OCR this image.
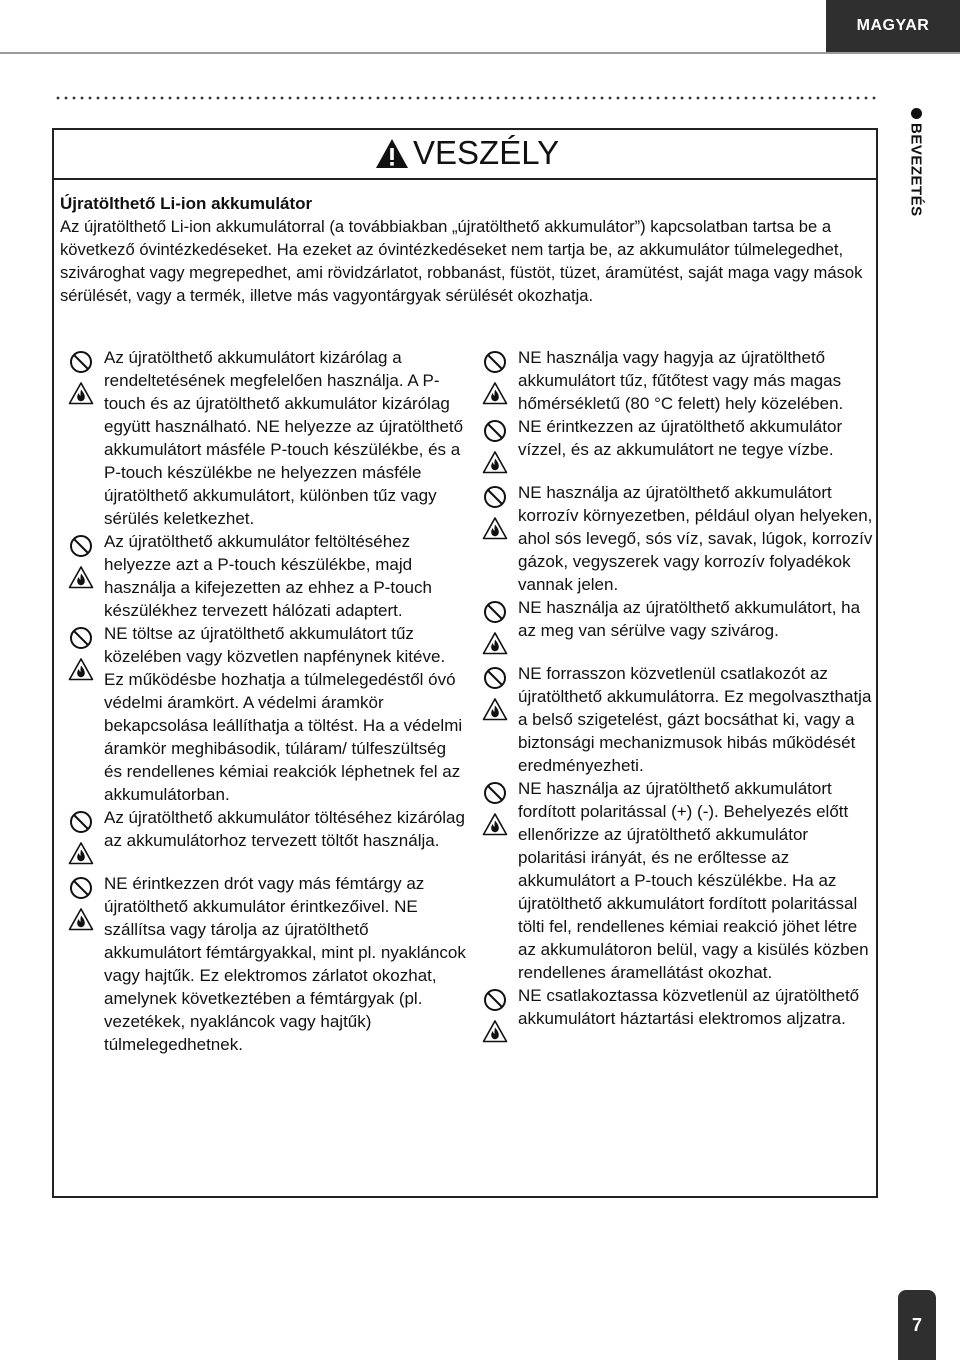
MAGYAR
BEVEZETÉS
VESZÉLY
Újratölthető Li-ion akkumulátor
Az újratölthető Li-ion akkumulátorral (a továbbiakban „újratölthető akkumulátor”) kapcsolatban tartsa be a következő óvintézkedéseket. Ha ezeket az óvintézkedéseket nem tartja be, az akkumulátor túlmelegedhet, szivároghat vagy megrepedhet, ami rövidzárlatot, robbanást, füstöt, tüzet, áramütést, saját maga vagy mások sérülését, vagy a termék, illetve más vagyontárgyak sérülését okozhatja.
Az újratölthető akkumulátort kizárólag a rendeltetésének megfelelően használja. A P-touch és az újratölthető akkumulátor kizárólag együtt használható. NE helyezze az újratölthető akkumulátort másféle P-touch készülékbe, és a P-touch készülékbe ne helyezzen másféle újratölthető akkumulátort, különben tűz vagy sérülés keletkezhet.
Az újratölthető akkumulátor feltöltéséhez helyezze azt a P-touch készülékbe, majd használja a kifejezetten az ehhez a P-touch készülékhez tervezett hálózati adaptert.
NE töltse az újratölthető akkumulátort tűz közelében vagy közvetlen napfénynek kitéve. Ez működésbe hozhatja a túlmelegedéstől óvó védelmi áramkört. A védelmi áramkör bekapcsolása leállíthatja a töltést. Ha a védelmi áramkör meghibásodik, túláram/ túlfeszültség és rendellenes kémiai reakciók léphetnek fel az akkumulátorban.
Az újratölthető akkumulátor töltéséhez kizárólag az akkumulátorhoz tervezett töltőt használja.
NE érintkezzen drót vagy más fémtárgy az újratölthető akkumulátor érintkezőivel. NE szállítsa vagy tárolja az újratölthető akkumulátort fémtárgyakkal, mint pl. nyakláncok vagy hajtűk. Ez elektromos zárlatot okozhat, amelynek következtében a fémtárgyak (pl. vezetékek, nyakláncok vagy hajtűk) túlmelegedhetnek.
NE használja vagy hagyja az újratölthető akkumulátort tűz, fűtőtest vagy más magas hőmérsékletű (80 °C felett) hely közelében.
NE érintkezzen az újratölthető akkumulátor vízzel, és az akkumulátort ne tegye vízbe.
NE használja az újratölthető akkumulátort korrozív környezetben, például olyan helyeken, ahol sós levegő, sós víz, savak, lúgok, korrozív gázok, vegyszerek vagy korrozív folyadékok vannak jelen.
NE használja az újratölthető akkumulátort, ha az meg van sérülve vagy szivárog.
NE forrasszon közvetlenül csatlakozót az újratölthető akkumulátorra. Ez megolvaszthatja a belső szigetelést, gázt bocsáthat ki, vagy a biztonsági mechanizmusok hibás működését eredményezheti.
NE használja az újratölthető akkumulátort fordított polaritással (+) (-). Behelyezés előtt ellenőrizze az újratölthető akkumulátor polaritási irányát, és ne erőltesse az akkumulátort a P-touch készülékbe. Ha az újratölthető akkumulátort fordított polaritással tölti fel, rendellenes kémiai reakció jöhet létre az akkumulátoron belül, vagy a kisülés közben rendellenes áramellátást okozhat.
NE csatlakoztassa közvetlenül az újratölthető akkumulátort háztartási elektromos aljzatra.
7
